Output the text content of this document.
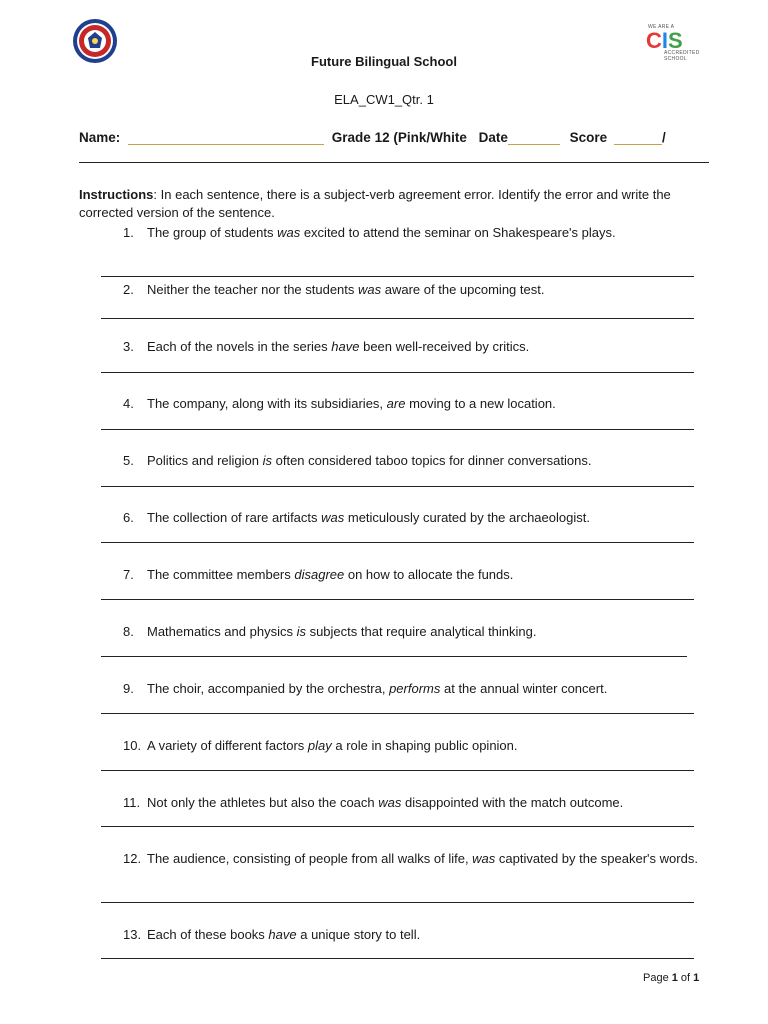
WE ARE A
CIS
ACCREDITED
SCHOOL
Future Bilingual School
ELA_CW1_Qtr. 1
Name:	Grade 12 (Pink/White Date	Score	/
Instructions: In each sentence, there is a subject-verb agreement error. Identify the error and write the corrected version of the sentence.
1. The group of students was excited to attend the seminar on Shakespeare's plays.
2. Neither the teacher nor the students was aware of the upcoming test.
3. Each of the novels in the series have been well-received by critics.
4. The company, along with its subsidiaries, are moving to a new location.
5. Politics and religion is often considered taboo topics for dinner conversations.
6. The collection of rare artifacts was meticulously curated by the archaeologist.
7. The committee members disagree on how to allocate the funds.
8. Mathematics and physics is subjects that require analytical thinking.
9. The choir, accompanied by the orchestra, performs at the annual winter concert.
10. A variety of different factors play a role in shaping public opinion.
11. Not only the athletes but also the coach was disappointed with the match outcome.
12. The audience, consisting of people from all walks of life, was captivated by the speaker's words.
13. Each of these books have a unique story to tell.
Page 1 of 1
